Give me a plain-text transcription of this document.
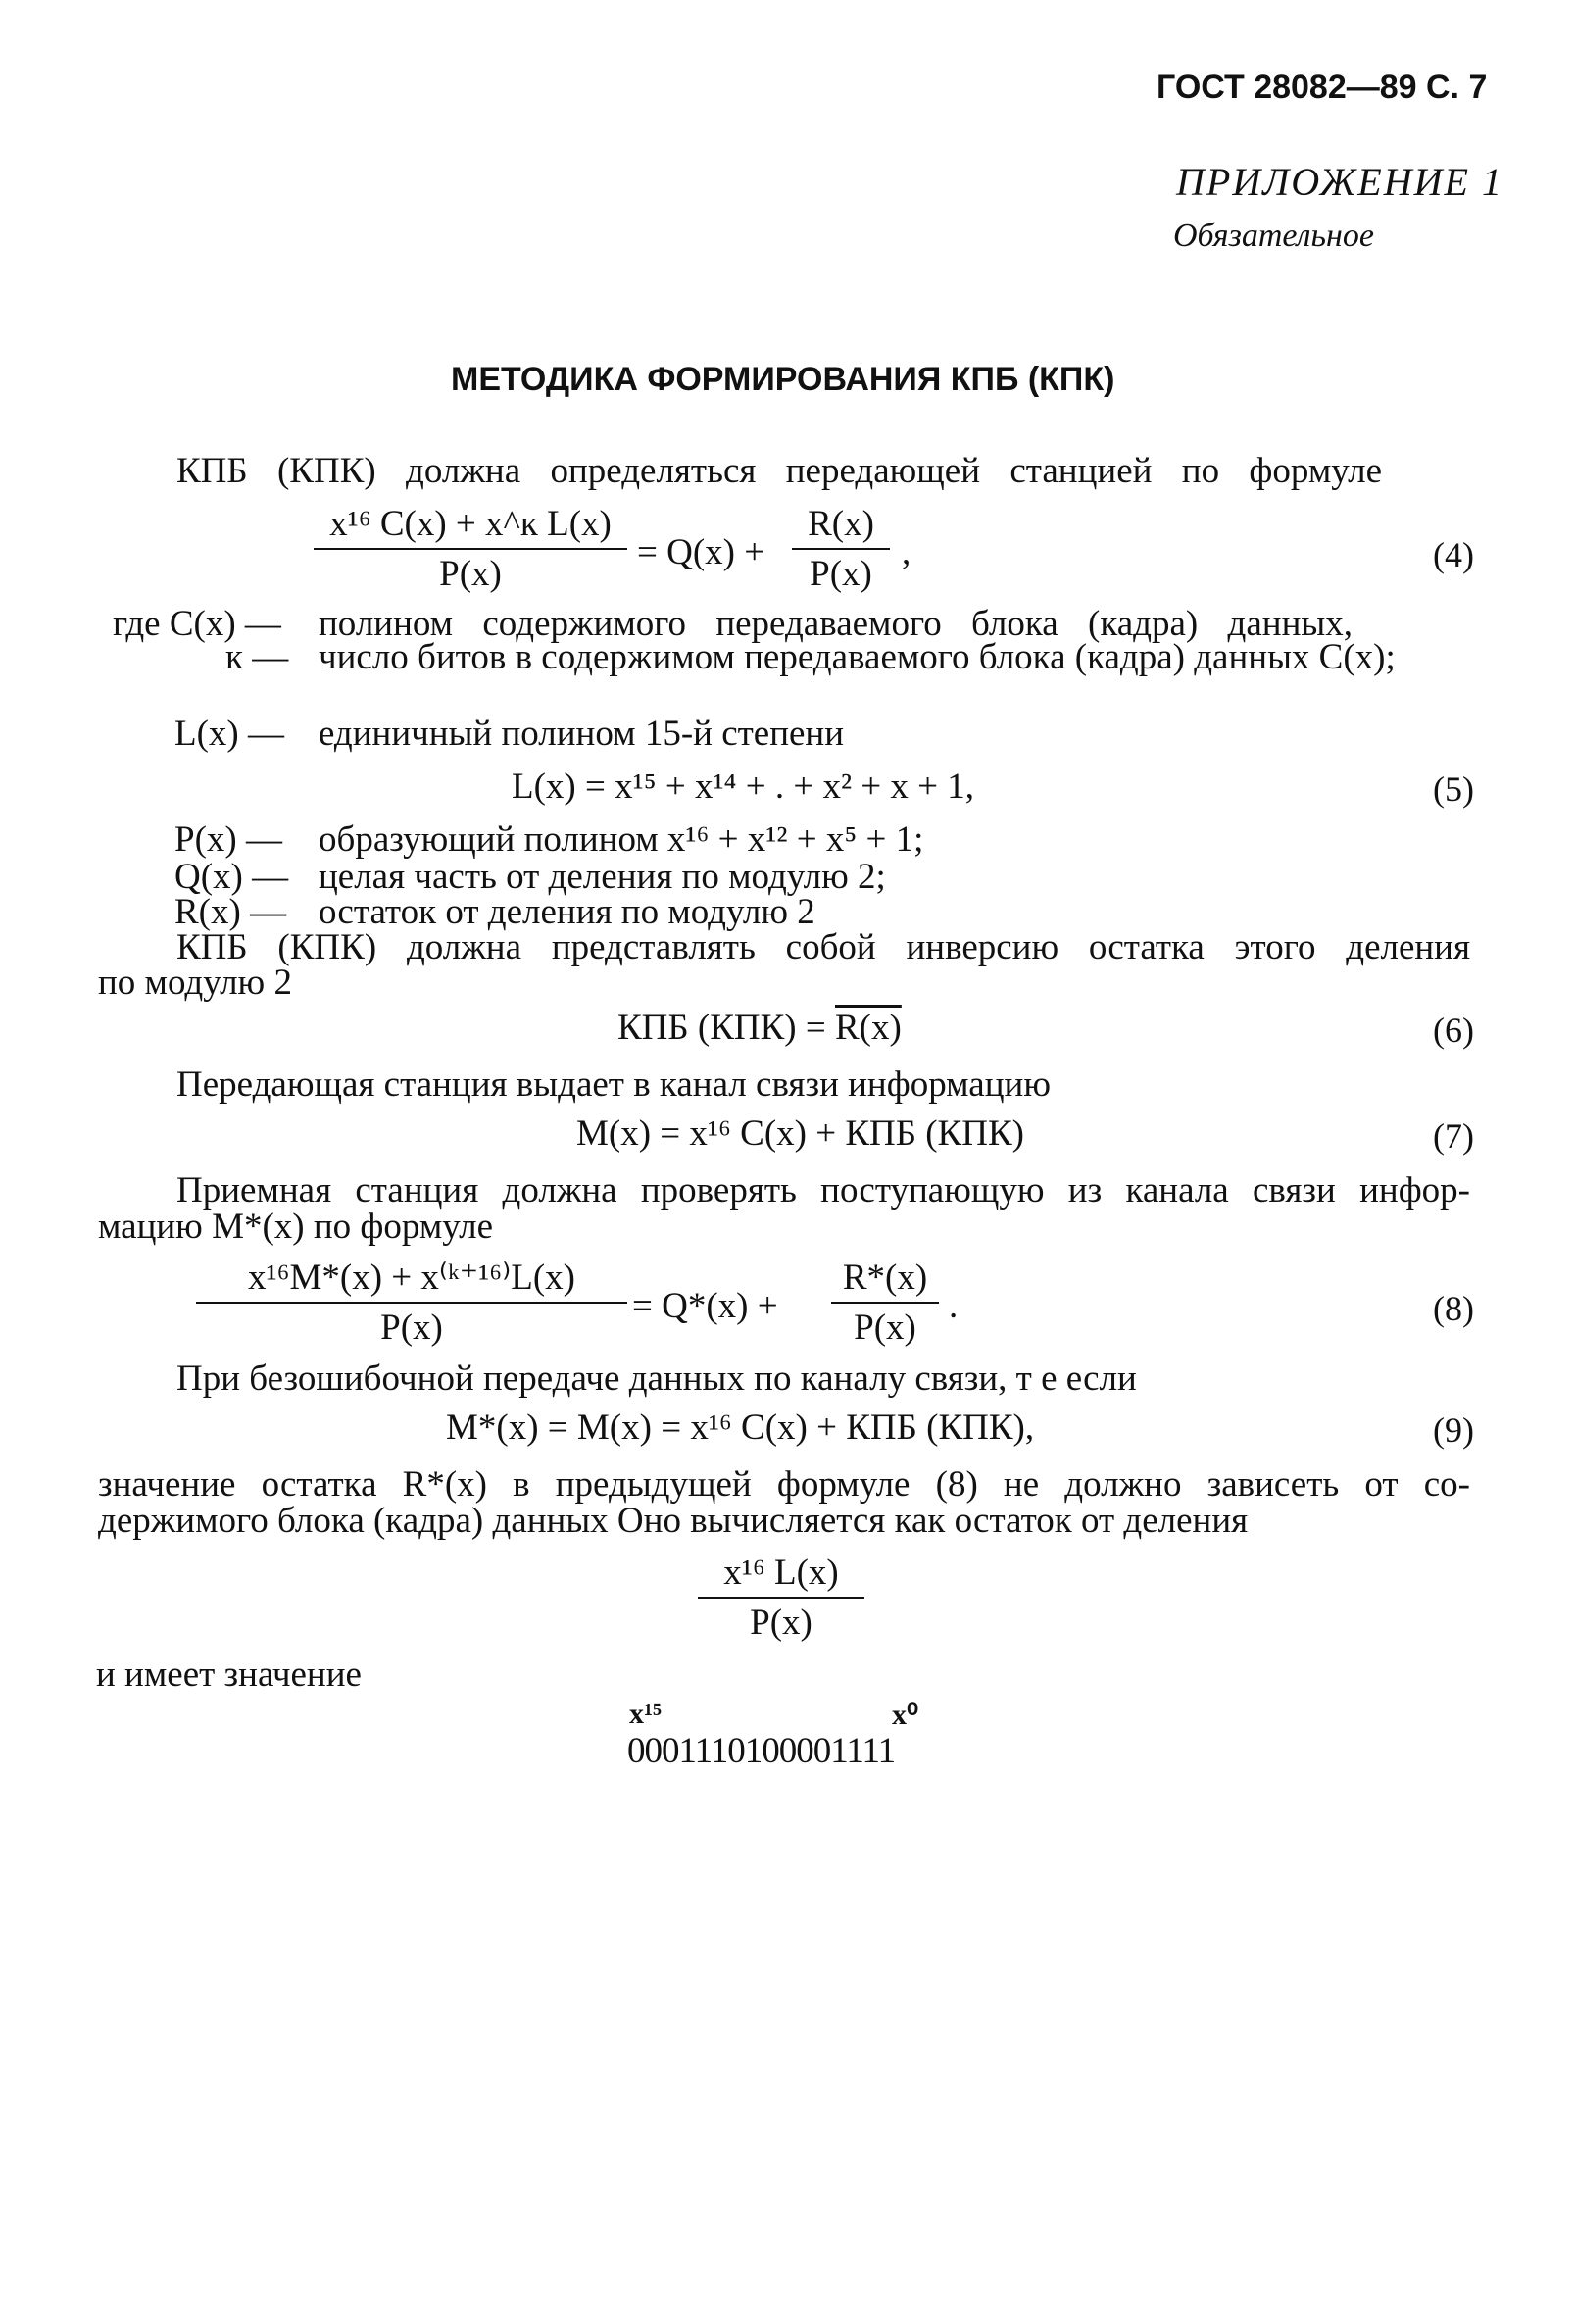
ГОСТ 28082—89 С. 7
ПРИЛОЖЕНИЕ 1
Обязательное
МЕТОДИКА ФОРМИРОВАНИЯ КПБ (КПК)
КПБ (КПК) должна определяться передающей станцией по формуле
x¹⁶ C(x) + x^к L(x)
P(x)
= Q(x) +
R(x)
P(x)
,	(4)
где C(x) — полином содержимого передаваемого блока (кадра) данных,
к — число битов в содержимом передаваемого блока (кадра) данных C(x);
L(x) — единичный полином 15-й степени
L(x) = x¹⁵ + x¹⁴ + . + x² + x + 1,	(5)
P(x) — образующий полином x¹⁶ + x¹² + x⁵ + 1;
Q(x) — целая часть от деления по модулю 2;
R(x) — остаток от деления по модулю 2
КПБ (КПК) должна представлять собой инверсию остатка этого деления
по модулю 2
КПБ (КПК) = R(x)	(6)
Передающая станция выдает в канал связи информацию
M(x) = x¹⁶ C(x) + КПБ (КПК)	(7)
Приемная станция должна проверять поступающую из канала связи инфор-
мацию M*(x) по формуле
x¹⁶M*(x) + x⁽ᵏ⁺¹⁶⁾L(x)
P(x)
= Q*(x) +
R*(x)
P(x)
.	(8)
При безошибочной передаче данных по каналу связи, т е если
M*(x) = M(x) = x¹⁶ C(x) + КПБ (КПК),	(9)
значение остатка R*(x) в предыдущей формуле (8) не должно зависеть от со-
держимого блока (кадра) данных Оно вычисляется как остаток от деления
x¹⁶ L(x)
P(x)
и имеет значение
x¹⁵	x⁰
0001110100001111
